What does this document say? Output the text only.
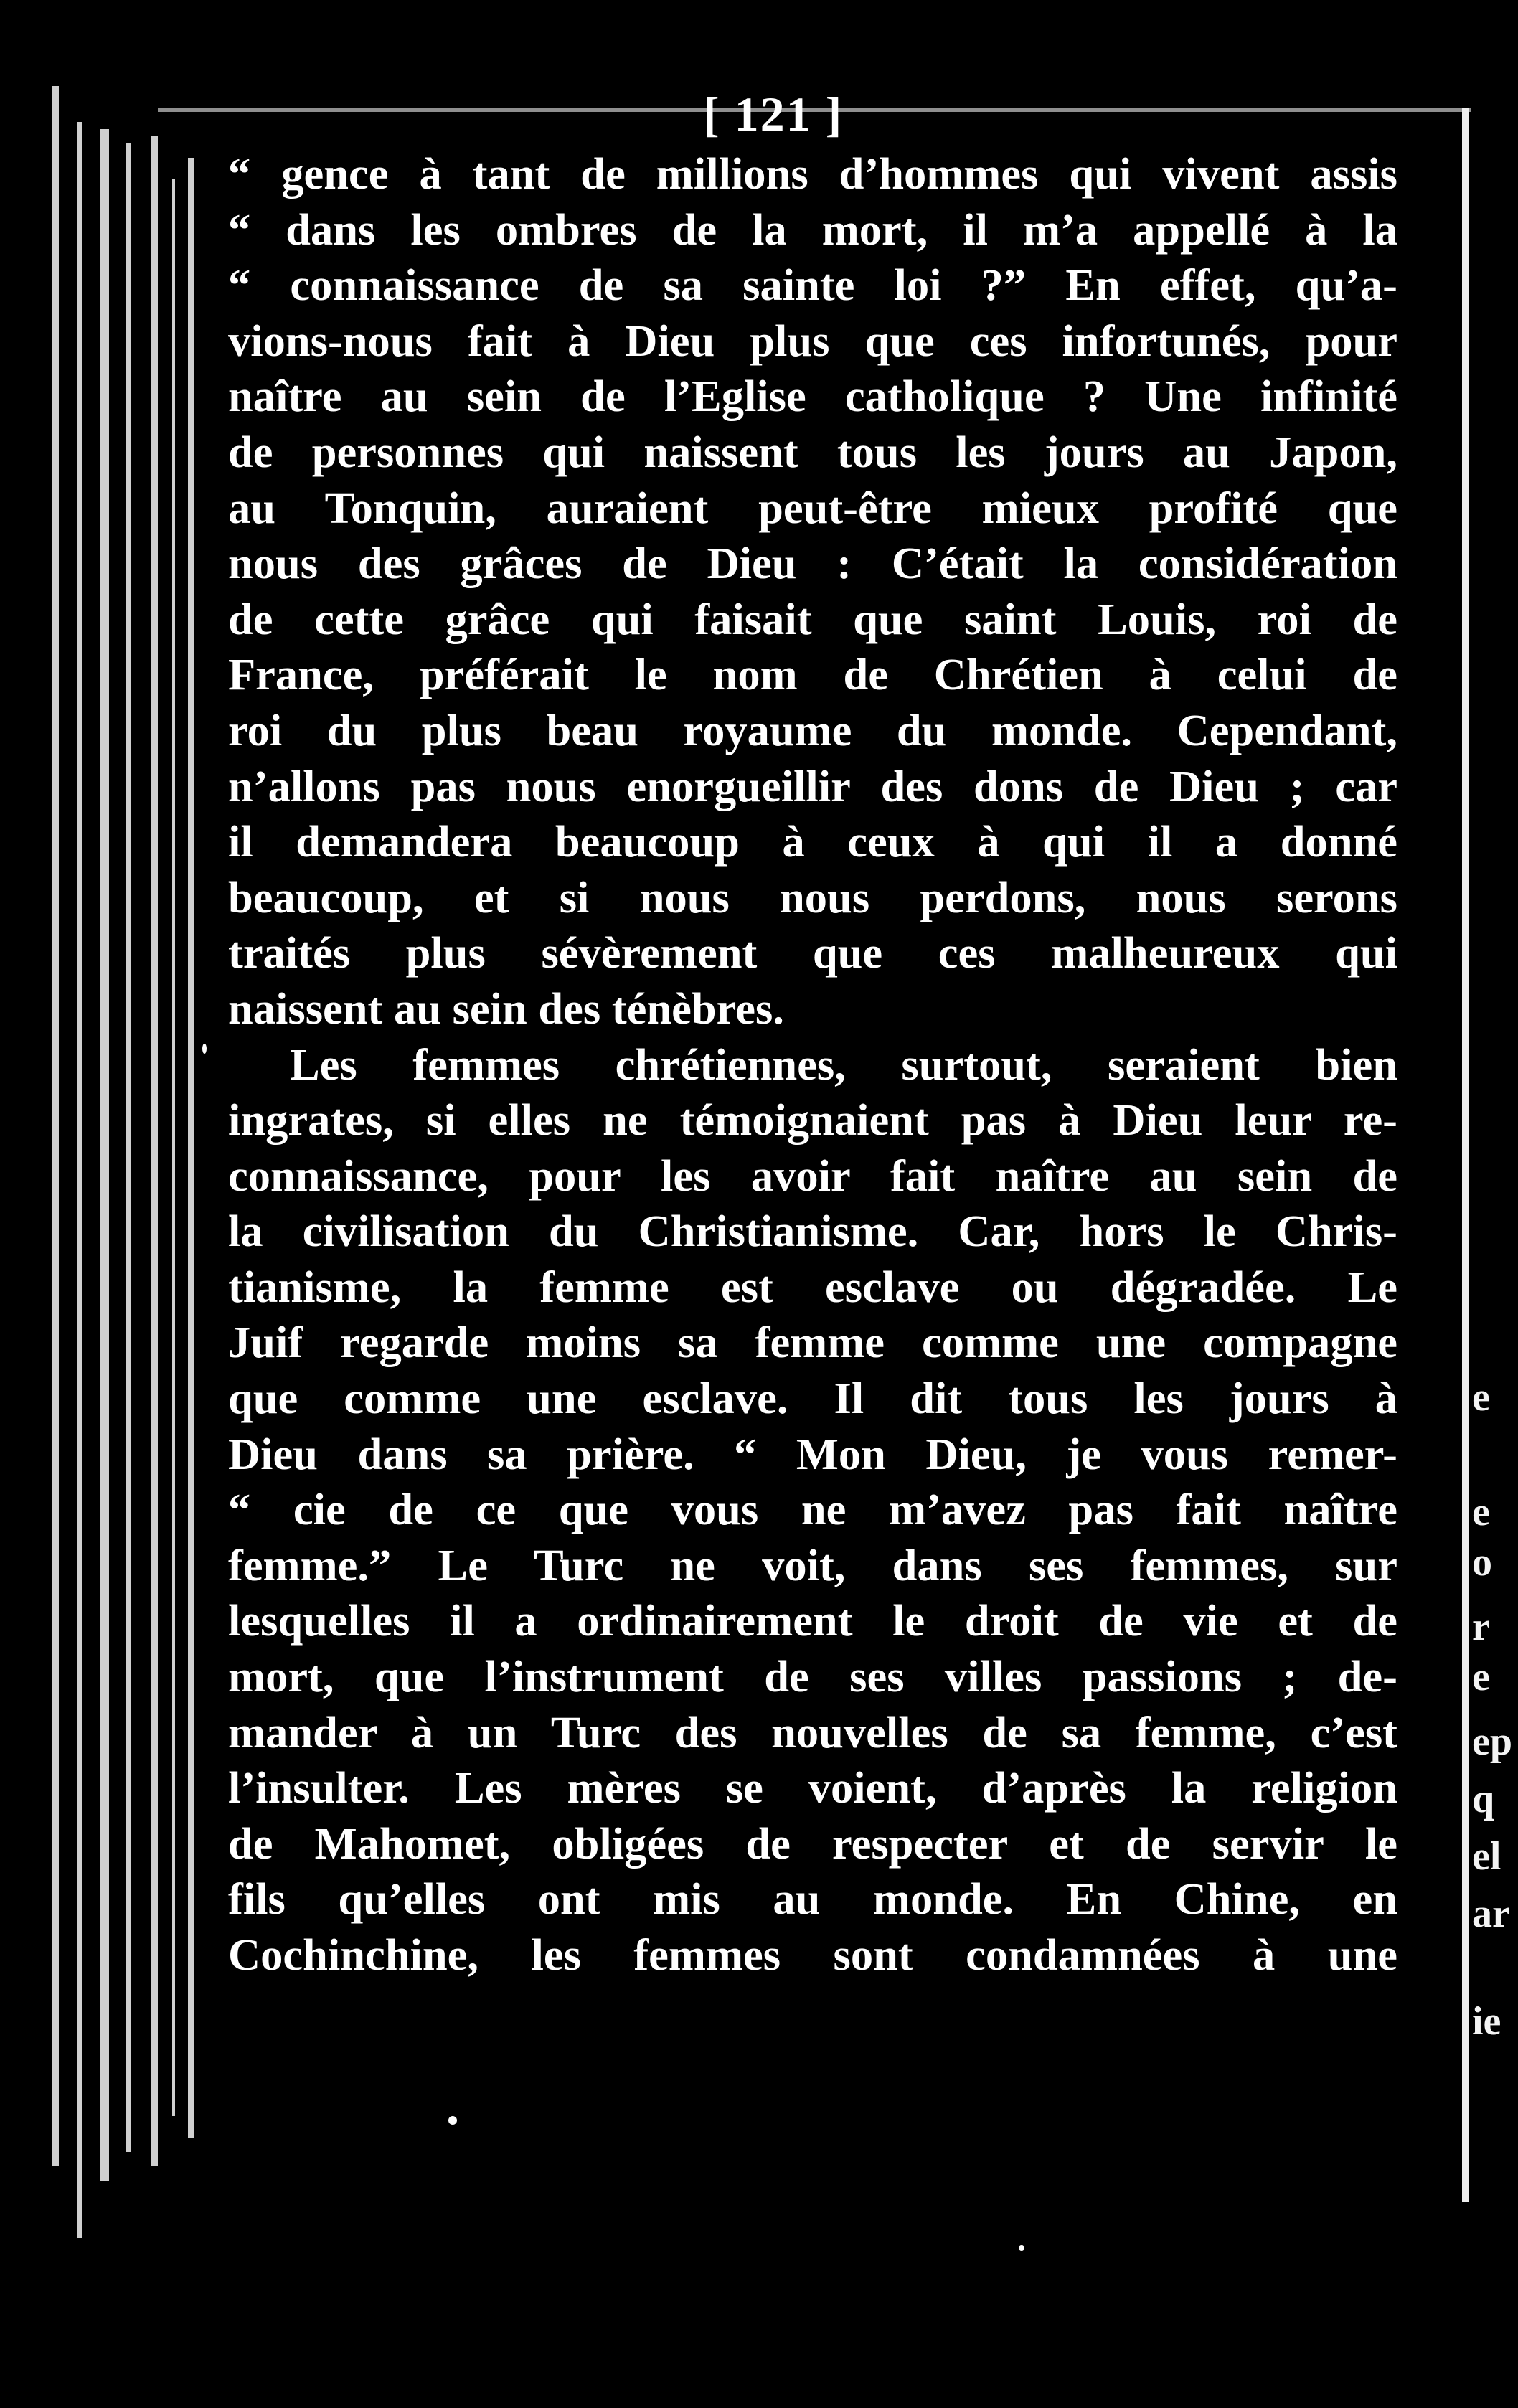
[ 121 ]
“ gence à tant de millions d’hommes qui vivent assis
“ dans les ombres de la mort, il m’a appellé à la
“ connaissance de sa sainte loi ?” En effet, qu’a-
vions-nous fait à Dieu plus que ces infortunés, pour
naître au sein de l’Eglise catholique ? Une infinité
de personnes qui naissent tous les jours au Japon,
au Tonquin, auraient peut-être mieux profité que
nous des grâces de Dieu : C’était la considération
de cette grâce qui faisait que saint Louis, roi de
France, préférait le nom de Chrétien à celui de
roi du plus beau royaume du monde. Cependant,
n’allons pas nous enorgueillir des dons de Dieu ; car
il demandera beaucoup à ceux à qui il a donné
beaucoup, et si nous nous perdons, nous serons
traités plus sévèrement que ces malheureux qui
naissent au sein des ténèbres.
Les femmes chrétiennes, surtout, seraient bien
ingrates, si elles ne témoignaient pas à Dieu leur re-
connaissance, pour les avoir fait naître au sein de
la civilisation du Christianisme. Car, hors le Chris-
tianisme, la femme est esclave ou dégradée. Le
Juif regarde moins sa femme comme une compagne
que comme une esclave. Il dit tous les jours à
Dieu dans sa prière. “ Mon Dieu, je vous remer-
“ cie de ce que vous ne m’avez pas fait naître
femme.” Le Turc ne voit, dans ses femmes, sur
lesquelles il a ordinairement le droit de vie et de
mort, que l’instrument de ses villes passions ; de-
mander à un Turc des nouvelles de sa femme, c’est
l’insulter. Les mères se voient, d’après la religion
de Mahomet, obligées de respecter et de servir le
fils qu’elles ont mis au monde. En Chine, en
Cochinchine, les femmes sont condamnées à une
e
e
o
r
e
ep
q
el
ar
ie
